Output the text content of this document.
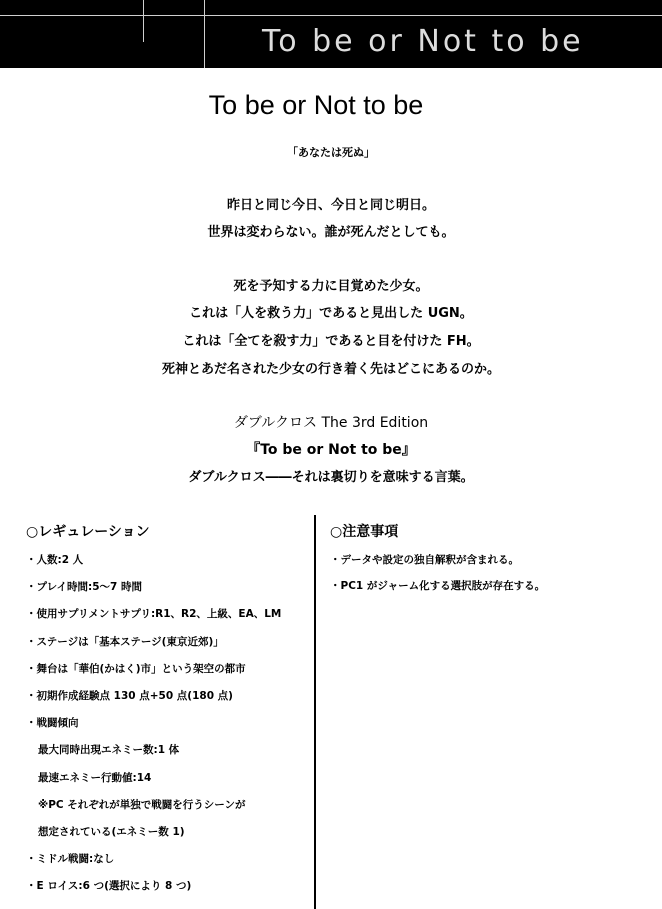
To be or Not to be
To be or Not to be
「あなたは死ぬ」
昨日と同じ今日、今日と同じ明日。
世界は変わらない。誰が死んだとしても。
死を予知する力に目覚めた少女。
これは「人を救う力」であると見出した UGN。
これは「全てを殺す力」であると目を付けた FH。
死神とあだ名された少女の行き着く先はどこにあるのか。
ダブルクロス The 3rd Edition
『To be or Not to be』
ダブルクロス――それは裏切りを意味する言葉。
○レギュレーション
・人数:2 人
・プレイ時間:5～7 時間
・使用サプリメントサプリ:R1、R2、上級、EA、LM
・ステージは「基本ステージ(東京近郊)」
・舞台は「華伯(かはく)市」という架空の都市
・初期作成経験点 130 点+50 点(180 点)
・戦闘傾向
最大同時出現エネミー数:1 体
最速エネミー行動値:14
※PC それぞれが単独で戦闘を行うシーンが
想定されている(エネミー数 1)
・ミドル戦闘:なし
・E ロイス:6 つ(選択により 8 つ)
○注意事項
・データや設定の独自解釈が含まれる。
・PC1 がジャーム化する選択肢が存在する。
